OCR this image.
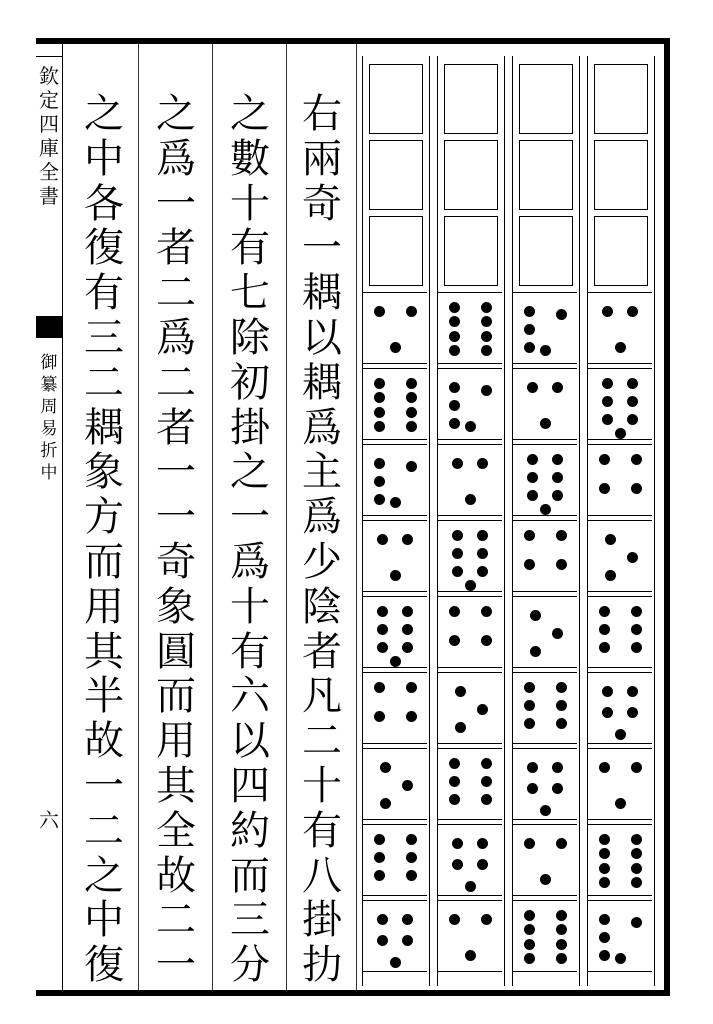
欽
定
四
庫
全
書
御
纂
周
易
折
中
六
右
兩
奇
一
耦
以
耦
爲
主
爲
少
陰
者
凡
二
十
有
八
掛
扐
之
數
十
有
七
除
初
掛
之
一
爲
十
有
六
以
四
約
而
三
分
之
爲
一
者
二
爲
二
者
一
一
奇
象
圓
而
用
其
全
故
二
一
之
中
各
復
有
三
二
耦
象
方
而
用
其
半
故
一
二
之
中
復
